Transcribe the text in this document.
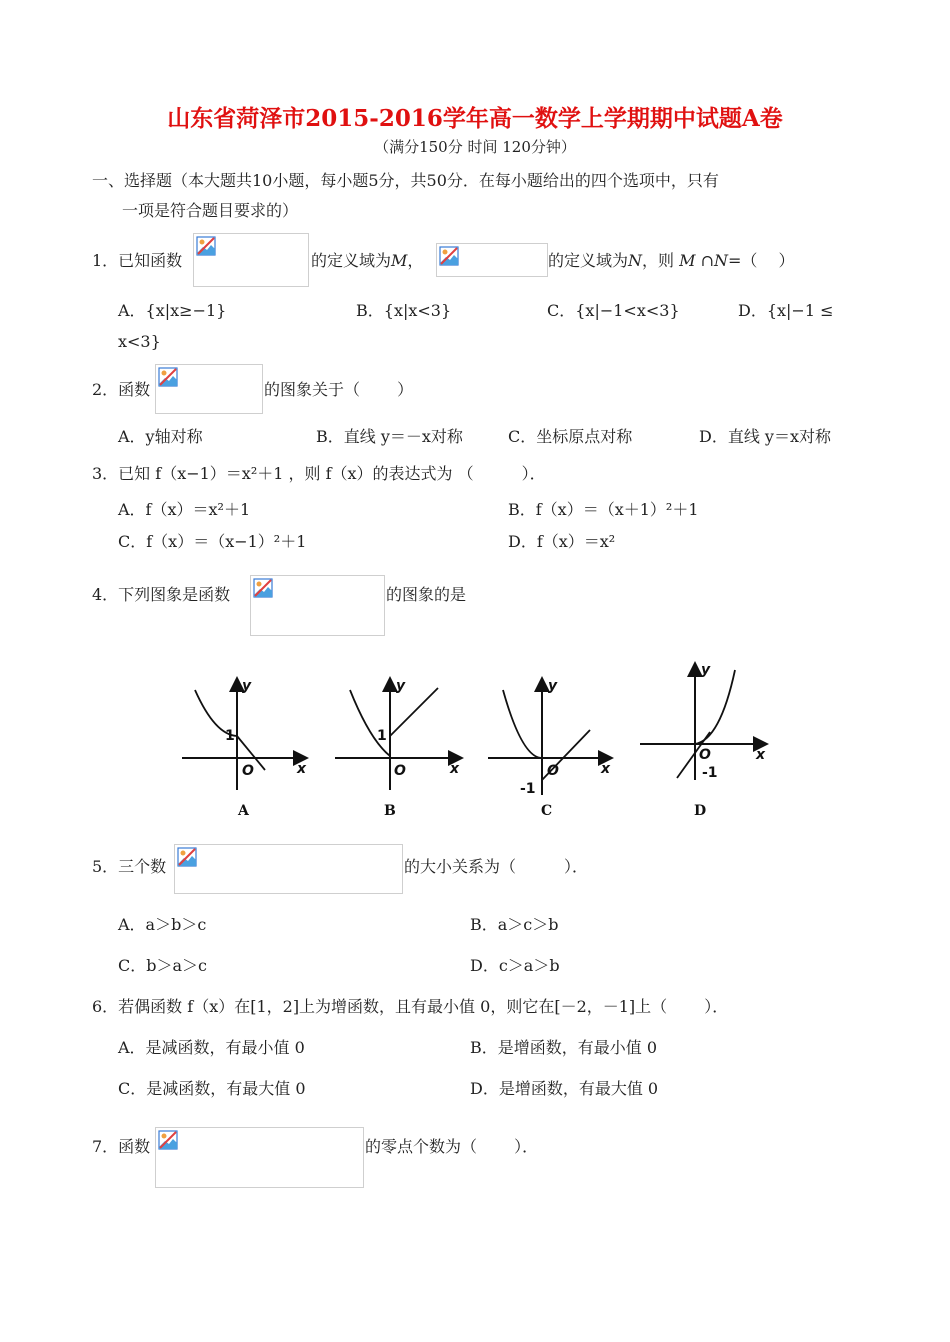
山东省菏泽市2015-2016学年高一数学上学期期中试题A卷
（满分150分 时间 120分钟）
一、选择题（本大题共10小题，每小题5分，共50分．在每小题给出的四个选项中，只有
一项是符合题目要求的）
1．已知函数	的定义域为M，	的定义域为N，则 M ∩N=（　 ）
A．{x|x≥−1}	B．{x|x<3}	C．{x|−1<x<3}	D．{x|−1 ≤
x<3}
2．函数	的图象关于（　　 ）
A．y轴对称	B．直线 y＝－x对称	C．坐标原点对称	D．直线 y＝x对称
3．已知 f（x−1）＝x²＋1 ，则 f（x）的表达式为 （　　　）．
A．f（x）＝x²＋1	B．f（x）＝（x＋1）²＋1
C．f（x）＝（x−1）²＋1	D．f（x）＝x²
4．下列图象是函数	的图象的是
y
x
O
1
A
y
x
O
1
B
y
x
O
-1
C
y
x
O
-1
D
5．三个数	的大小关系为（　　　）．
A．a＞b＞c	B．a＞c＞b
C．b＞a＞c	D．c＞a＞b
6．若偶函数 f（x）在[1，2]上为增函数，且有最小值 0，则它在[－2，－1]上（　　 ）．
A．是减函数，有最小值 0	B．是增函数，有最小值 0
C．是减函数，有最大值 0	D．是增函数，有最大值 0
7．函数	的零点个数为（　　 ）．
